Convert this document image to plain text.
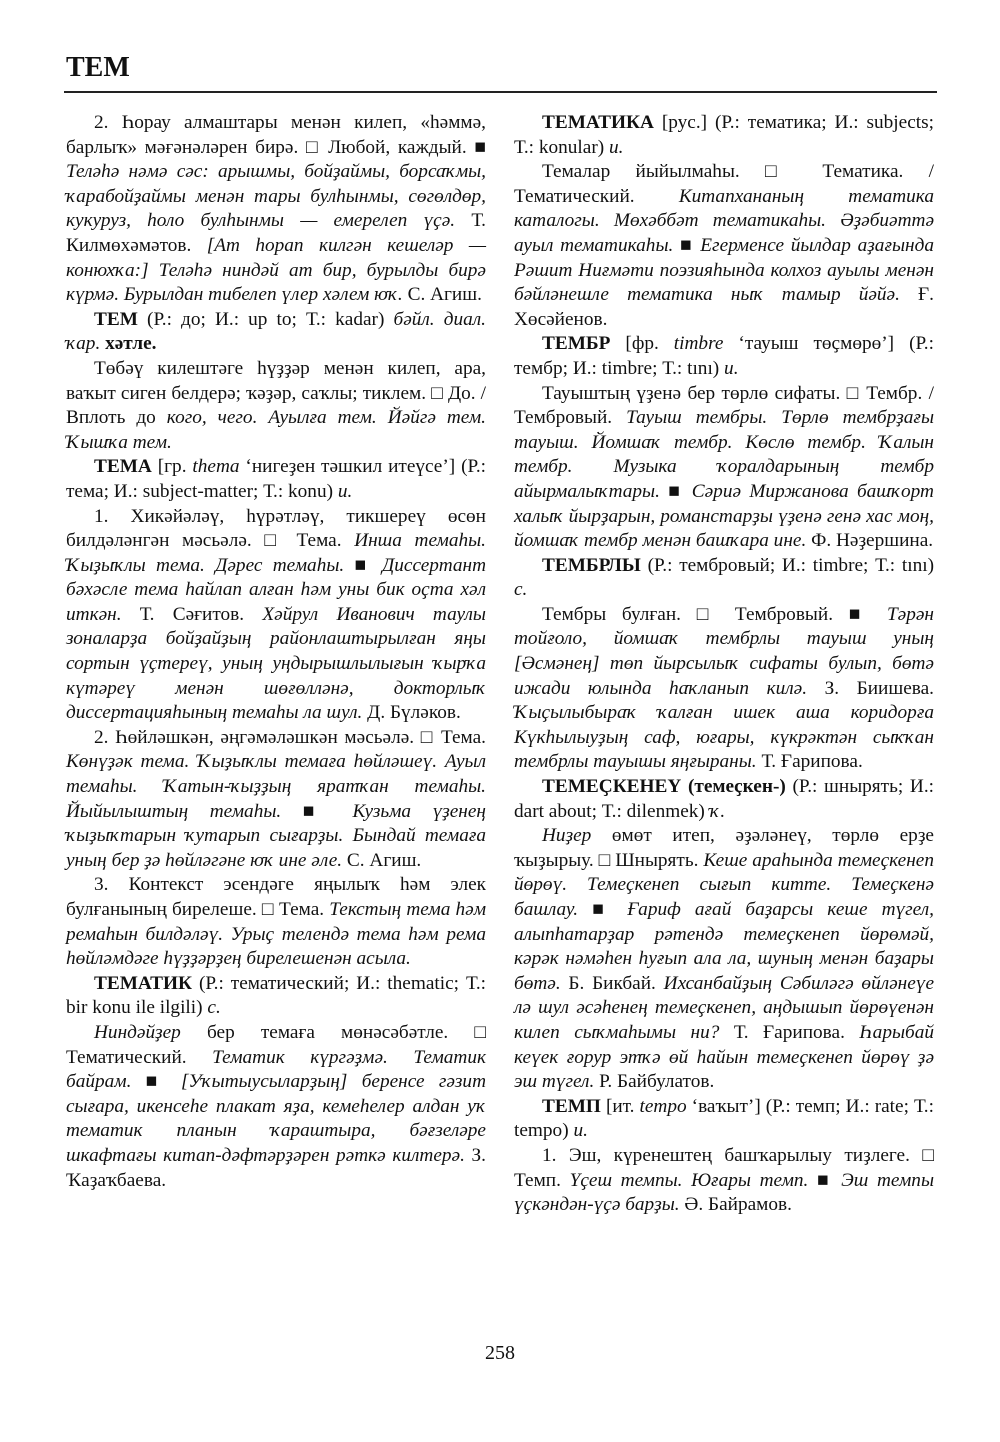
ТЕМ

2. Һорау алмаштары менән килеп, «һәммә, барлыҡ» мәғәнәләрен бирә. □ Любой, каждый. ■ Теләһә нәмә сәс: арышмы, бойҙаймы, борсаҡмы, ҡарабойҙаймы менән тары булһынмы, сөгөлдөр, кукуруз, һоло булһынмы — емерелеп үҫә. Т. Килмөхәмәтов. [Ат һорап килгән кешеләр — конюхҡа:] Теләһә ниндәй ат бир, бурылды бирә күрмә. Бурылдан тибелеп үлер хәлем юҡ. С. Агиш.

ТЕМ (Р.: до; И.: up to; Т.: kadar) бәйл. диал. ҡар. хәтле.

Төбәү килештәге һүҙҙәр менән килеп, ара, ваҡыт сиген белдерә; ҡәҙәр, саҡлы; тиклем. □ До. / Вплоть до кого, чего. Ауылға тем. Йәйгә тем. Ҡышҡа тем.

ТЕМА [гр. thema ‘нигеҙен тәшкил итеүсе’] (Р.: тема; И.: subject-matter; Т.: konu) и.

1. Хикәйәләү, һүрәтләү, тикшереү өсөн билдәләнгән мәсьәлә. □ Тема. Инша темаһы. Ҡыҙыҡлы тема. Дәрес темаһы. ■ Диссертант бәхәсле тема һайлап алған һәм уны бик оҫта хәл иткән. Т. Сәғитов. Хәйрул Иванович таулы зоналарҙа бойҙайҙың районлаштырылған яңы сортын үҫтереү, уның уңдырышлылығын ҡырҡа күтәреү менән шөғөлләнә, докторлыҡ диссертацияһының темаһы ла шул. Д. Бүләков.

2. Һөйләшкән, әңгәмәләшкән мәсьәлә. □ Тема. Көнүҙәк тема. Ҡыҙыҡлы темаға һөйләшеү. Ауыл темаһы. Ҡатын-ҡыҙҙың яратҡан темаһы. Йыйылыштың темаһы. ■ Кузьма үҙенең ҡыҙыҡтарын ҡутарып сығарҙы. Бындай темаға уның бер ҙә һөйләгәне юҡ ине әле. С. Агиш.

3. Контекст эсендәге яңылыҡ һәм элек булғанының бирелеше. □ Тема. Текстың тема һәм ремаһын билдәләү. Урыҫ телендә тема һәм рема һөйләмдәге һүҙҙәрҙең бирелешенән асыла.

ТЕМАТИК (Р.: тематический; И.: thematic; Т.: bir konu ile ilgili) с.

Ниндәйҙер бер темаға мөнәсәбәтле. □ Тематический. Тематик күргәҙмә. Тематик байрам. ■ [Уҡытыусыларҙың] беренсе гәзит сығара, икенсеһе плакат яҙа, кемеһелер алдан уҡ тематик планын ҡараштыра, бәғзеләре шкафтағы китап-дәфтәрҙәрен рәткә килтерә. З. Ҡаҙаҡбаева.

ТЕМАТИКА [рус.] (Р.: тематика; И.: subjects; Т.: konular) и.

Темалар йыйылмаһы. □ Тематика. / Тематический. Китапхананың тематика каталогы. Мөхәббәт тематикаһы. Әҙәбиәттә ауыл тематикаһы. ■ Егерменсе йылдар аҙағында Рәшит Ниғмәти поэзияһында колхоз ауылы менән бәйләнешле тематика ныҡ тамыр йәйә. Ғ. Хөсәйенов.

ТЕМБР [фр. timbre ‘тауыш төҫмөрө’] (Р.: тембр; И.: timbre; Т.: tını) и.

Тауыштың үҙенә бер төрлө сифаты. □ Тембр. / Тембровый. Тауыш тембры. Төрлө тембрҙағы тауыш. Йомшаҡ тембр. Көслө тембр. Ҡалын тембр. Музыка ҡоралдарының тембр айырмалыҡтары. ■ Сәриә Миржанова башҡорт халыҡ йырҙарын, романстарҙы үҙенә генә хас моң, йомшаҡ тембр менән башҡара ине. Ф. Нәҙершина.

ТЕМБРЛЫ (Р.: тембровый; И.: timbre; Т.: tını) с.

Тембры булған. □ Тембровый. ■ Тәрән тойғоло, йомшаҡ тембрлы тауыш уның [Әсмәнең] төп йырсылыҡ сифаты булып, бөтә ижади юлында һаҡланып килә. З. Биишева. Ҡыҫылыбыраҡ ҡалған ишек аша коридорға Күкһылыуҙың саф, юғары, күкрәктән сыҡҡан тембрлы тауышы яңғыраны. Т. Ғарипова.

ТЕМЕҪКЕНЕҮ (темеҫкен-) (Р.: шнырять; И.: dart about; Т.: dilenmek) ҡ.

Ниҙер өмөт итеп, әҙәләнеү, төрлө ерҙе ҡыҙырыу. □ Шнырять. Кеше араһында темеҫкенеп йөрөү. Темеҫкенеп сығып китте. Темеҫкенә башлау. ■ Ғариф ағай баҙарсы кеше түгел, алыпһатарҙар рәтендә темеҫкенеп йөрөмәй, кәрәк нәмәһен һуғып ала ла, шуның менән баҙары бөтә. Б. Бикбай. Ихсанбайҙың Сәбиләгә өйләнеүе лә шул әсәһенең темеҫкенеп, аңдышып йөрөүенән килеп сыҡмаһымы ни? Т. Ғарипова. Һарыбай кеүек ғорур этҡә өй һайын темеҫкенеп йөрөү ҙә эш түгел. Р. Байбулатов.

ТЕМП [ит. tempo ‘ваҡыт’] (Р.: темп; И.: rate; Т.: tempo) и.

1. Эш, күренештең башҡарылыу тиҙлеге. □ Темп. Үҫеш темпы. Юғары темп. ■ Эш темпы үҫкәндән-үҫә барҙы. Ә. Байрамов.

258
